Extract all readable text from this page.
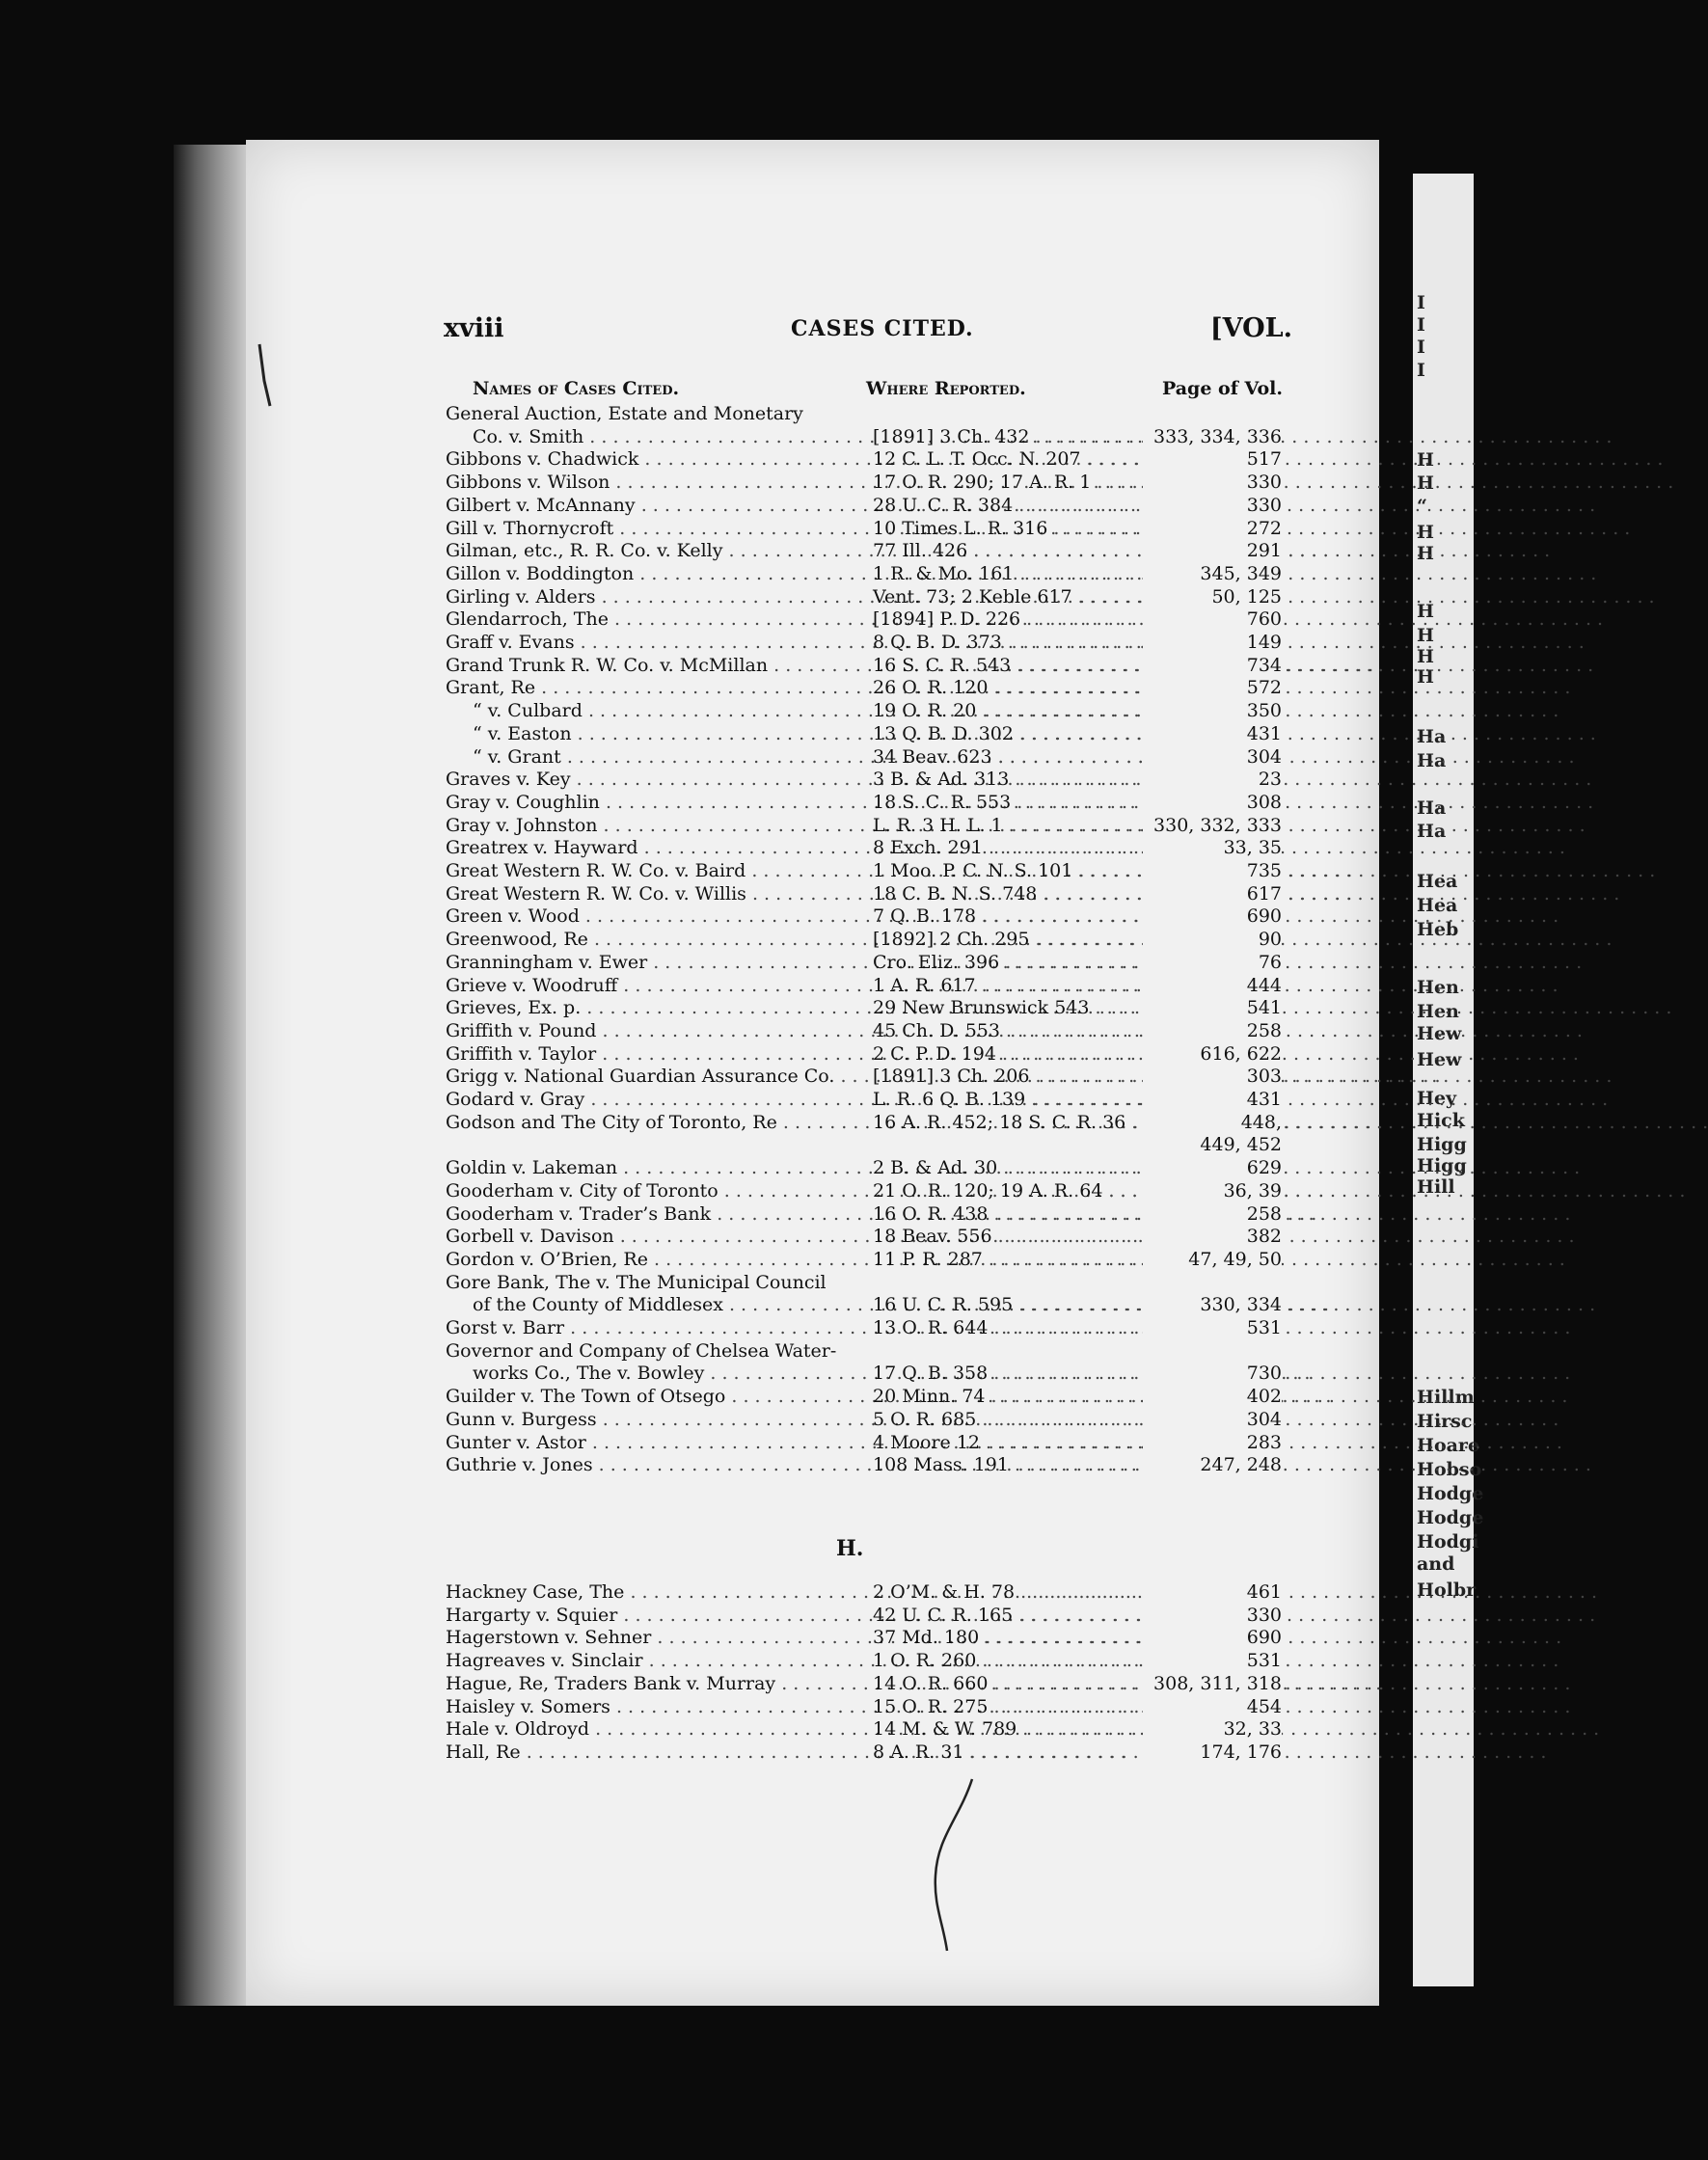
I
I
I
I
H
H
“
H
H
H
H
H
H
Ha
Ha
Ha
Ha
Hea
Hea
Heb
Hen
Hen
Hew
Hew
Hey
Hick
Higg
Higg
Hill
Hillm
Hirsc
Hoare
Hobso
Hodge
Hodge
Hodgi
and
Holbr
xviii	CASES CITED.	[VOL.
Names of Cases Cited.	Where Reported.	Page of Vol.
General Auction, Estate and Monetary
Co. v. Smith . . .	[1891] 3 Ch. 432 . . .	333, 334, 336
Gibbons v. Chadwick . . .	12 C. L. T. Occ. N. 207 . . .	517
Gibbons v. Wilson . . .	17 O. R. 290; 17 A. R. 1 . . .	330
Gilbert v. McAnnany . . .	28 U. C. R. 384 . . .	330
Gill v. Thornycroft . . .	10 Times L. R. 316 . . .	272
Gilman, etc., R. R. Co. v. Kelly . . .	77 Ill. 426 . . .	291
Gillon v. Boddington . . .	1 R. & Mo. 161 . . .	345, 349
Girling v. Alders . . .	Vent. 73; 2 Keble 617 . . .	50, 125
Glendarroch, The . . .	[1894] P. D. 226 . . .	760
Graff v. Evans . . .	8 Q. B. D. 373 . . .	149
Grand Trunk R. W. Co. v. McMillan . . .	16 S. C. R. 543 . . .	734
Grant, Re . . .	26 O. R. 120 . . .	572
“ v. Culbard . . .	19 O. R. 20 . . .	350
“ v. Easton . . .	13 Q. B. D. 302 . . .	431
“ v. Grant . . .	34 Beav. 623 . . .	304
Graves v. Key . . .	3 B. & Ad. 313 . . .	23
Gray v. Coughlin . . .	18 S. C. R. 553 . . .	308
Gray v. Johnston . . .	L. R. 3 H. L. 1 . . .	330, 332, 333
Greatrex v. Hayward . . .	8 Exch. 291 . . .	33, 35
Great Western R. W. Co. v. Baird . . .	1 Moo. P. C. N. S. 101 . . .	735
Great Western R. W. Co. v. Willis . . .	18 C. B. N. S. 748 . . .	617
Green v. Wood . . .	7 Q. B. 178 . . .	690
Greenwood, Re . . .	[1892] 2 Ch. 295 . . .	90
Granningham v. Ewer . . .	Cro. Eliz. 396 . . .	76
Grieve v. Woodruff . . .	1 A. R. 617 . . .	444
Grieves, Ex. p. . . .	29 New Brunswick 543 . . .	541
Griffith v. Pound . . .	45 Ch. D. 553 . . .	258
Griffith v. Taylor . . .	2 C. P. D. 194 . . .	616, 622
Grigg v. National Guardian Assurance Co. . . .	[1891] 3 Ch. 206 . . .	303
Godard v. Gray . . .	L. R. 6 Q. B. 139 . . .	431
Godson and The City of Toronto, Re . . .	16 A. R. 452; 18 S. C. R. 36 . . .	448,
449, 452
Goldin v. Lakeman . . .	2 B. & Ad. 30 . . .	629
Gooderham v. City of Toronto . . .	21 O. R. 120; 19 A. R. 64 . . .	36, 39
Gooderham v. Trader’s Bank . . .	16 O. R. 438 . . .	258
Gorbell v. Davison . . .	18 Beav. 556 . . .	382
Gordon v. O’Brien, Re . . .	11 P. R. 287 . . .	47, 49, 50
Gore Bank, The v. The Municipal Council
of the County of Middlesex . . .	16 U. C. R. 595 . . .	330, 334
Gorst v. Barr . . .	13 O. R. 644 . . .	531
Governor and Company of Chelsea Water-
works Co., The v. Bowley . . .	17 Q. B. 358 . . .	730
Guilder v. The Town of Otsego . . .	20 Minn. 74 . . .	402
Gunn v. Burgess . . .	5 O. R. 685 . . .	304
Gunter v. Astor . . .	4 Moore 12 . . .	283
Guthrie v. Jones . . .	108 Mass. 191 . . .	247, 248
H.
Hackney Case, The . . .	2 O’M. & H. 78 . . .	461
Hargarty v. Squier . . .	42 U. C. R. 165 . . .	330
Hagerstown v. Sehner . . .	37 Md. 180 . . .	690
Hagreaves v. Sinclair . . .	1 O. R. 260 . . .	531
Hague, Re, Traders Bank v. Murray . . .	14 O. R. 660 . . .	308, 311, 318
Haisley v. Somers . . .	15 O. R. 275 . . .	454
Hale v. Oldroyd . . .	14 M. & W. 789 . . .	32, 33
Hall, Re . . .	8 A. R. 31 . . .	174, 176
